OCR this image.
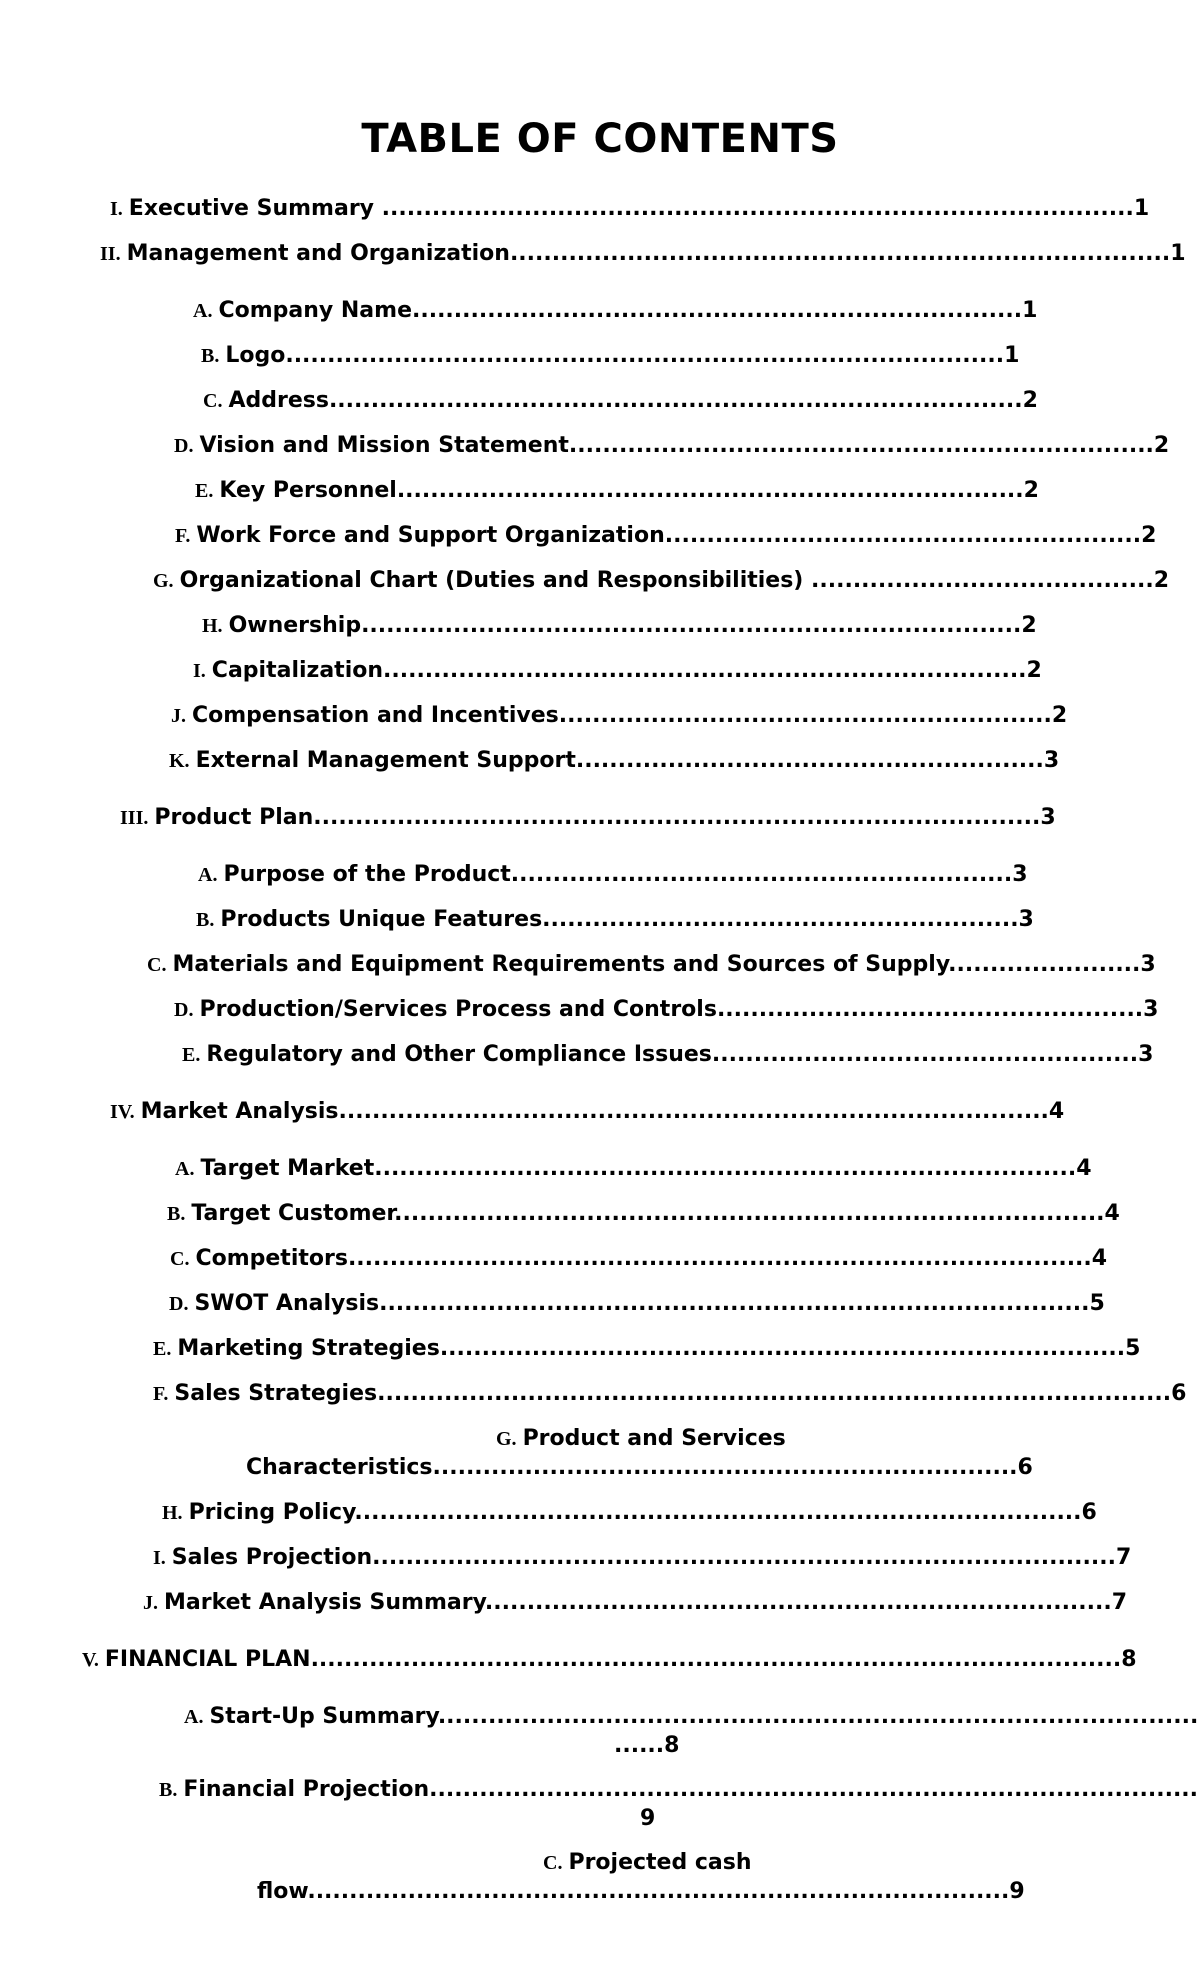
TABLE OF CONTENTS
I. Executive Summary ..........................................................................................1
II. Management and Organization...............................................................................1
A. Company Name.........................................................................1
B. Logo......................................................................................1
C. Address...................................................................................2
D. Vision and Mission Statement......................................................................2
E. Key Personnel...........................................................................2
F. Work Force and Support Organization.........................................................2
G. Organizational Chart (Duties and Responsibilities) .........................................2
H. Ownership...............................................................................2
I. Capitalization.............................................................................2
J. Compensation and Incentives...........................................................2
K. External Management Support........................................................3
III. Product Plan.......................................................................................3
A. Purpose of the Product............................................................3
B. Products Unique Features.........................................................3
C. Materials and Equipment Requirements and Sources of Supply.......................3
D. Production/Services Process and Controls...................................................3
E. Regulatory and Other Compliance Issues...................................................3
IV. Market Analysis.....................................................................................4
A. Target Market....................................................................................4
B. Target Customer.....................................................................................4
C. Competitors.........................................................................................4
D. SWOT Analysis.....................................................................................5
E. Marketing Strategies..................................................................................5
F. Sales Strategies...............................................................................................6
G. Product and Services
Characteristics......................................................................6
H. Pricing Policy.......................................................................................6
I. Sales Projection.........................................................................................7
J. Market Analysis Summary...........................................................................7
V. FINANCIAL PLAN.................................................................................................8
A. Start-Up Summary...........................................................................................
......8
B. Financial Projection............................................................................................
9
C. Projected cash
flow....................................................................................9
